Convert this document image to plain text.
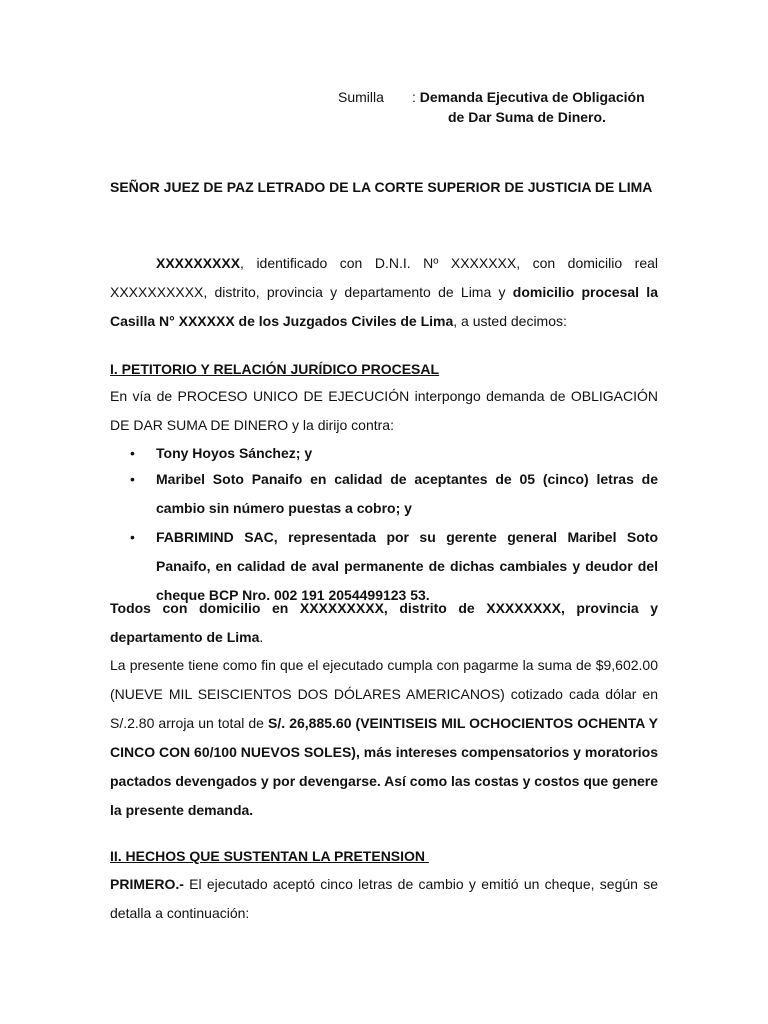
Sumilla : Demanda Ejecutiva de Obligación
de Dar Suma de Dinero.
SEÑOR JUEZ DE PAZ LETRADO DE LA CORTE SUPERIOR DE JUSTICIA DE LIMA
XXXXXXXXX, identificado con D.N.I. Nº XXXXXXX, con domicilio real XXXXXXXXXX, distrito, provincia y departamento de Lima y domicilio procesal la Casilla N° XXXXXX de los Juzgados Civiles de Lima, a usted decimos:
I. PETITORIO Y RELACIÓN JURÍDICO PROCESAL
En vía de PROCESO UNICO DE EJECUCIÓN interpongo demanda de OBLIGACIÓN DE DAR SUMA DE DINERO y la dirijo contra:
• Tony Hoyos Sánchez; y
• Maribel Soto Panaifo en calidad de aceptantes de 05 (cinco) letras de cambio sin número puestas a cobro; y
• FABRIMIND SAC, representada por su gerente general Maribel Soto Panaifo, en calidad de aval permanente de dichas cambiales y deudor del cheque BCP Nro. 002 191 2054499123 53.
Todos con domicilio en XXXXXXXXX, distrito de XXXXXXXX, provincia y departamento de Lima.
La presente tiene como fin que el ejecutado cumpla con pagarme la suma de $9,602.00 (NUEVE MIL SEISCIENTOS DOS DÓLARES AMERICANOS) cotizado cada dólar en S/.2.80 arroja un total de S/. 26,885.60 (VEINTISEIS MIL OCHOCIENTOS OCHENTA Y CINCO CON 60/100 NUEVOS SOLES), más intereses compensatorios y moratorios pactados devengados y por devengarse. Así como las costas y costos que genere la presente demanda.
II. HECHOS QUE SUSTENTAN LA PRETENSION
PRIMERO.- El ejecutado aceptó cinco letras de cambio y emitió un cheque, según se detalla a continuación:
